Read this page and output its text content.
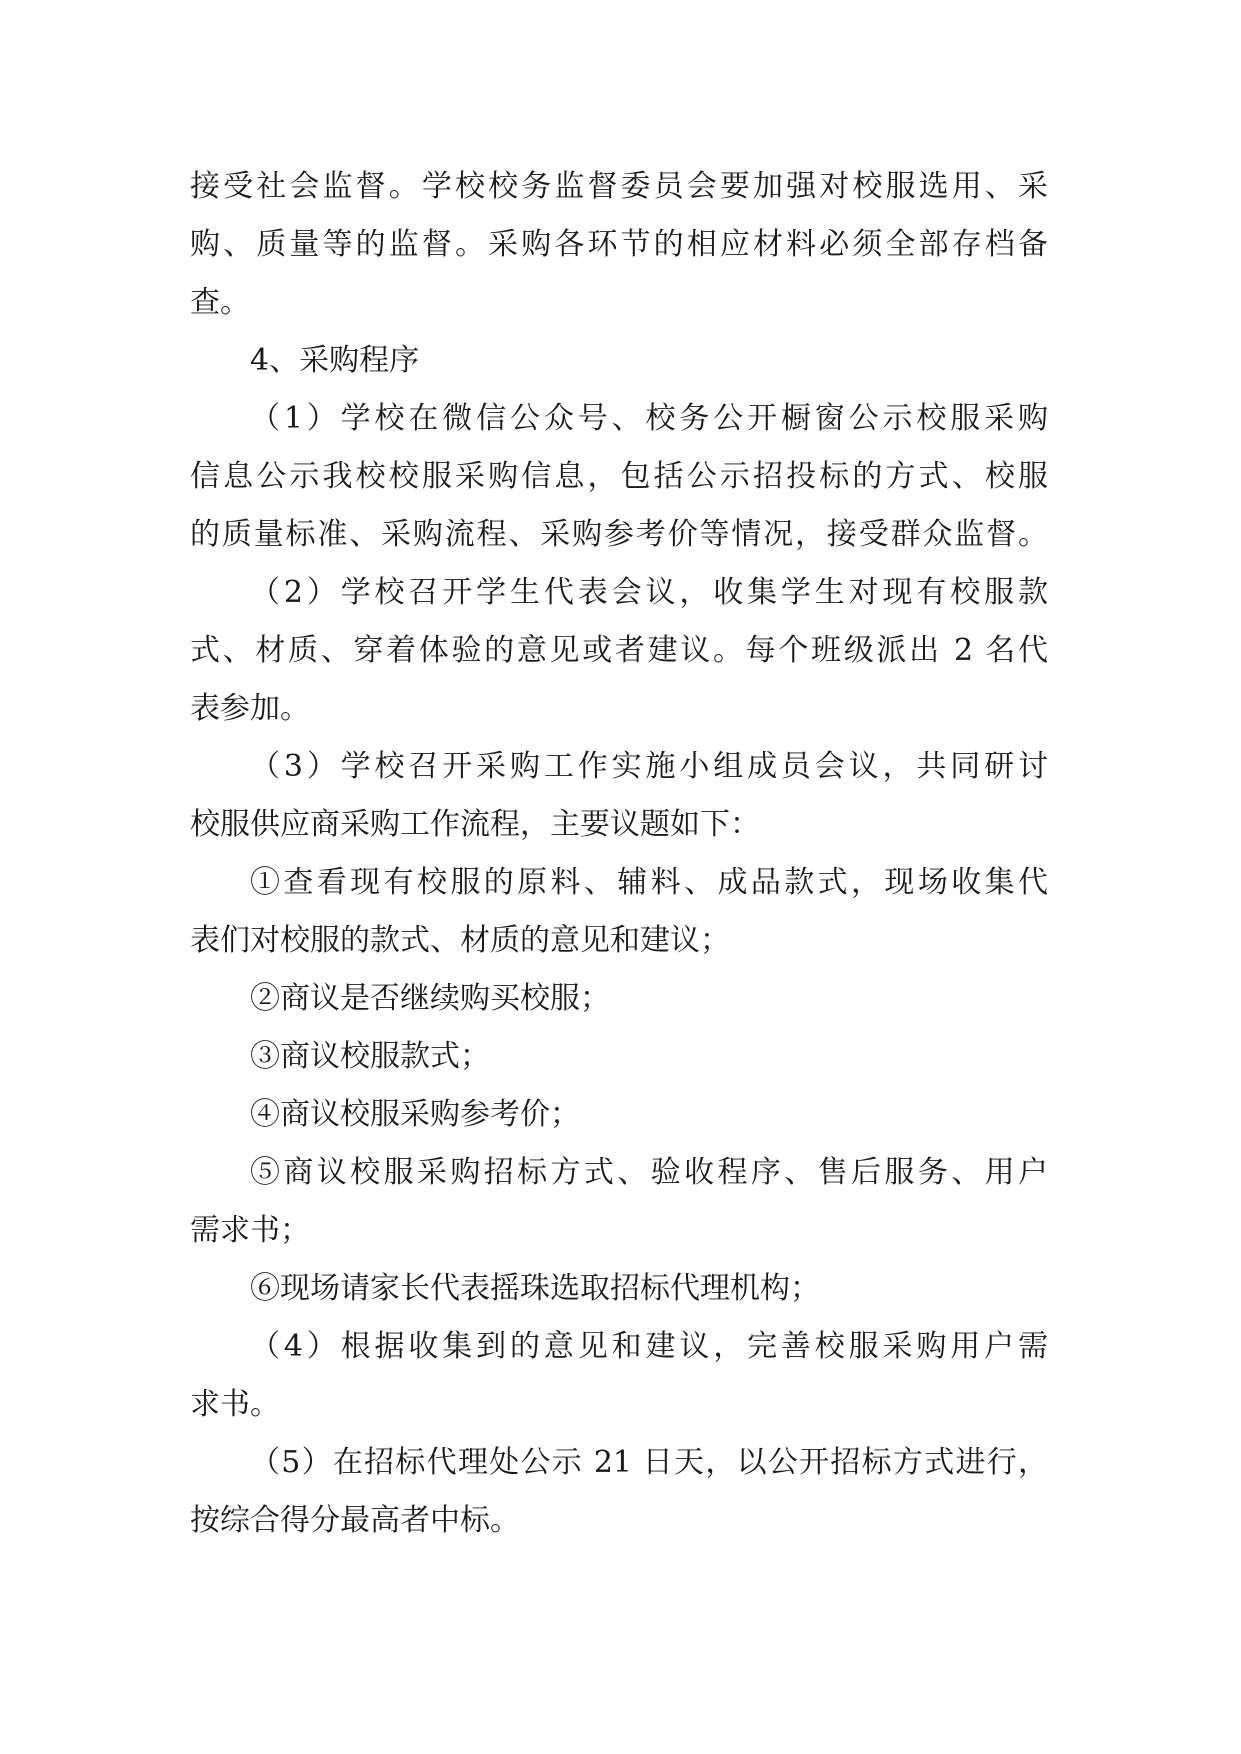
接受社会监督。学校校务监督委员会要加强对校服选用、采
购、质量等的监督。采购各环节的相应材料必须全部存档备
查。
4、采购程序
（1）学校在微信公众号、校务公开橱窗公示校服采购
信息公示我校校服采购信息，包括公示招投标的方式、校服
的质量标准、采购流程、采购参考价等情况，接受群众监督。
（2）学校召开学生代表会议，收集学生对现有校服款
式、材质、穿着体验的意见或者建议。每个班级派出 2 名代
表参加。
（3）学校召开采购工作实施小组成员会议，共同研讨
校服供应商采购工作流程，主要议题如下：
①查看现有校服的原料、辅料、成品款式，现场收集代
表们对校服的款式、材质的意见和建议；
②商议是否继续购买校服；
③商议校服款式；
④商议校服采购参考价；
⑤商议校服采购招标方式、验收程序、售后服务、用户
需求书；
⑥现场请家长代表摇珠选取招标代理机构；
（4）根据收集到的意见和建议，完善校服采购用户需
求书。
（5）在招标代理处公示 21 日天，以公开招标方式进行，
按综合得分最高者中标。
